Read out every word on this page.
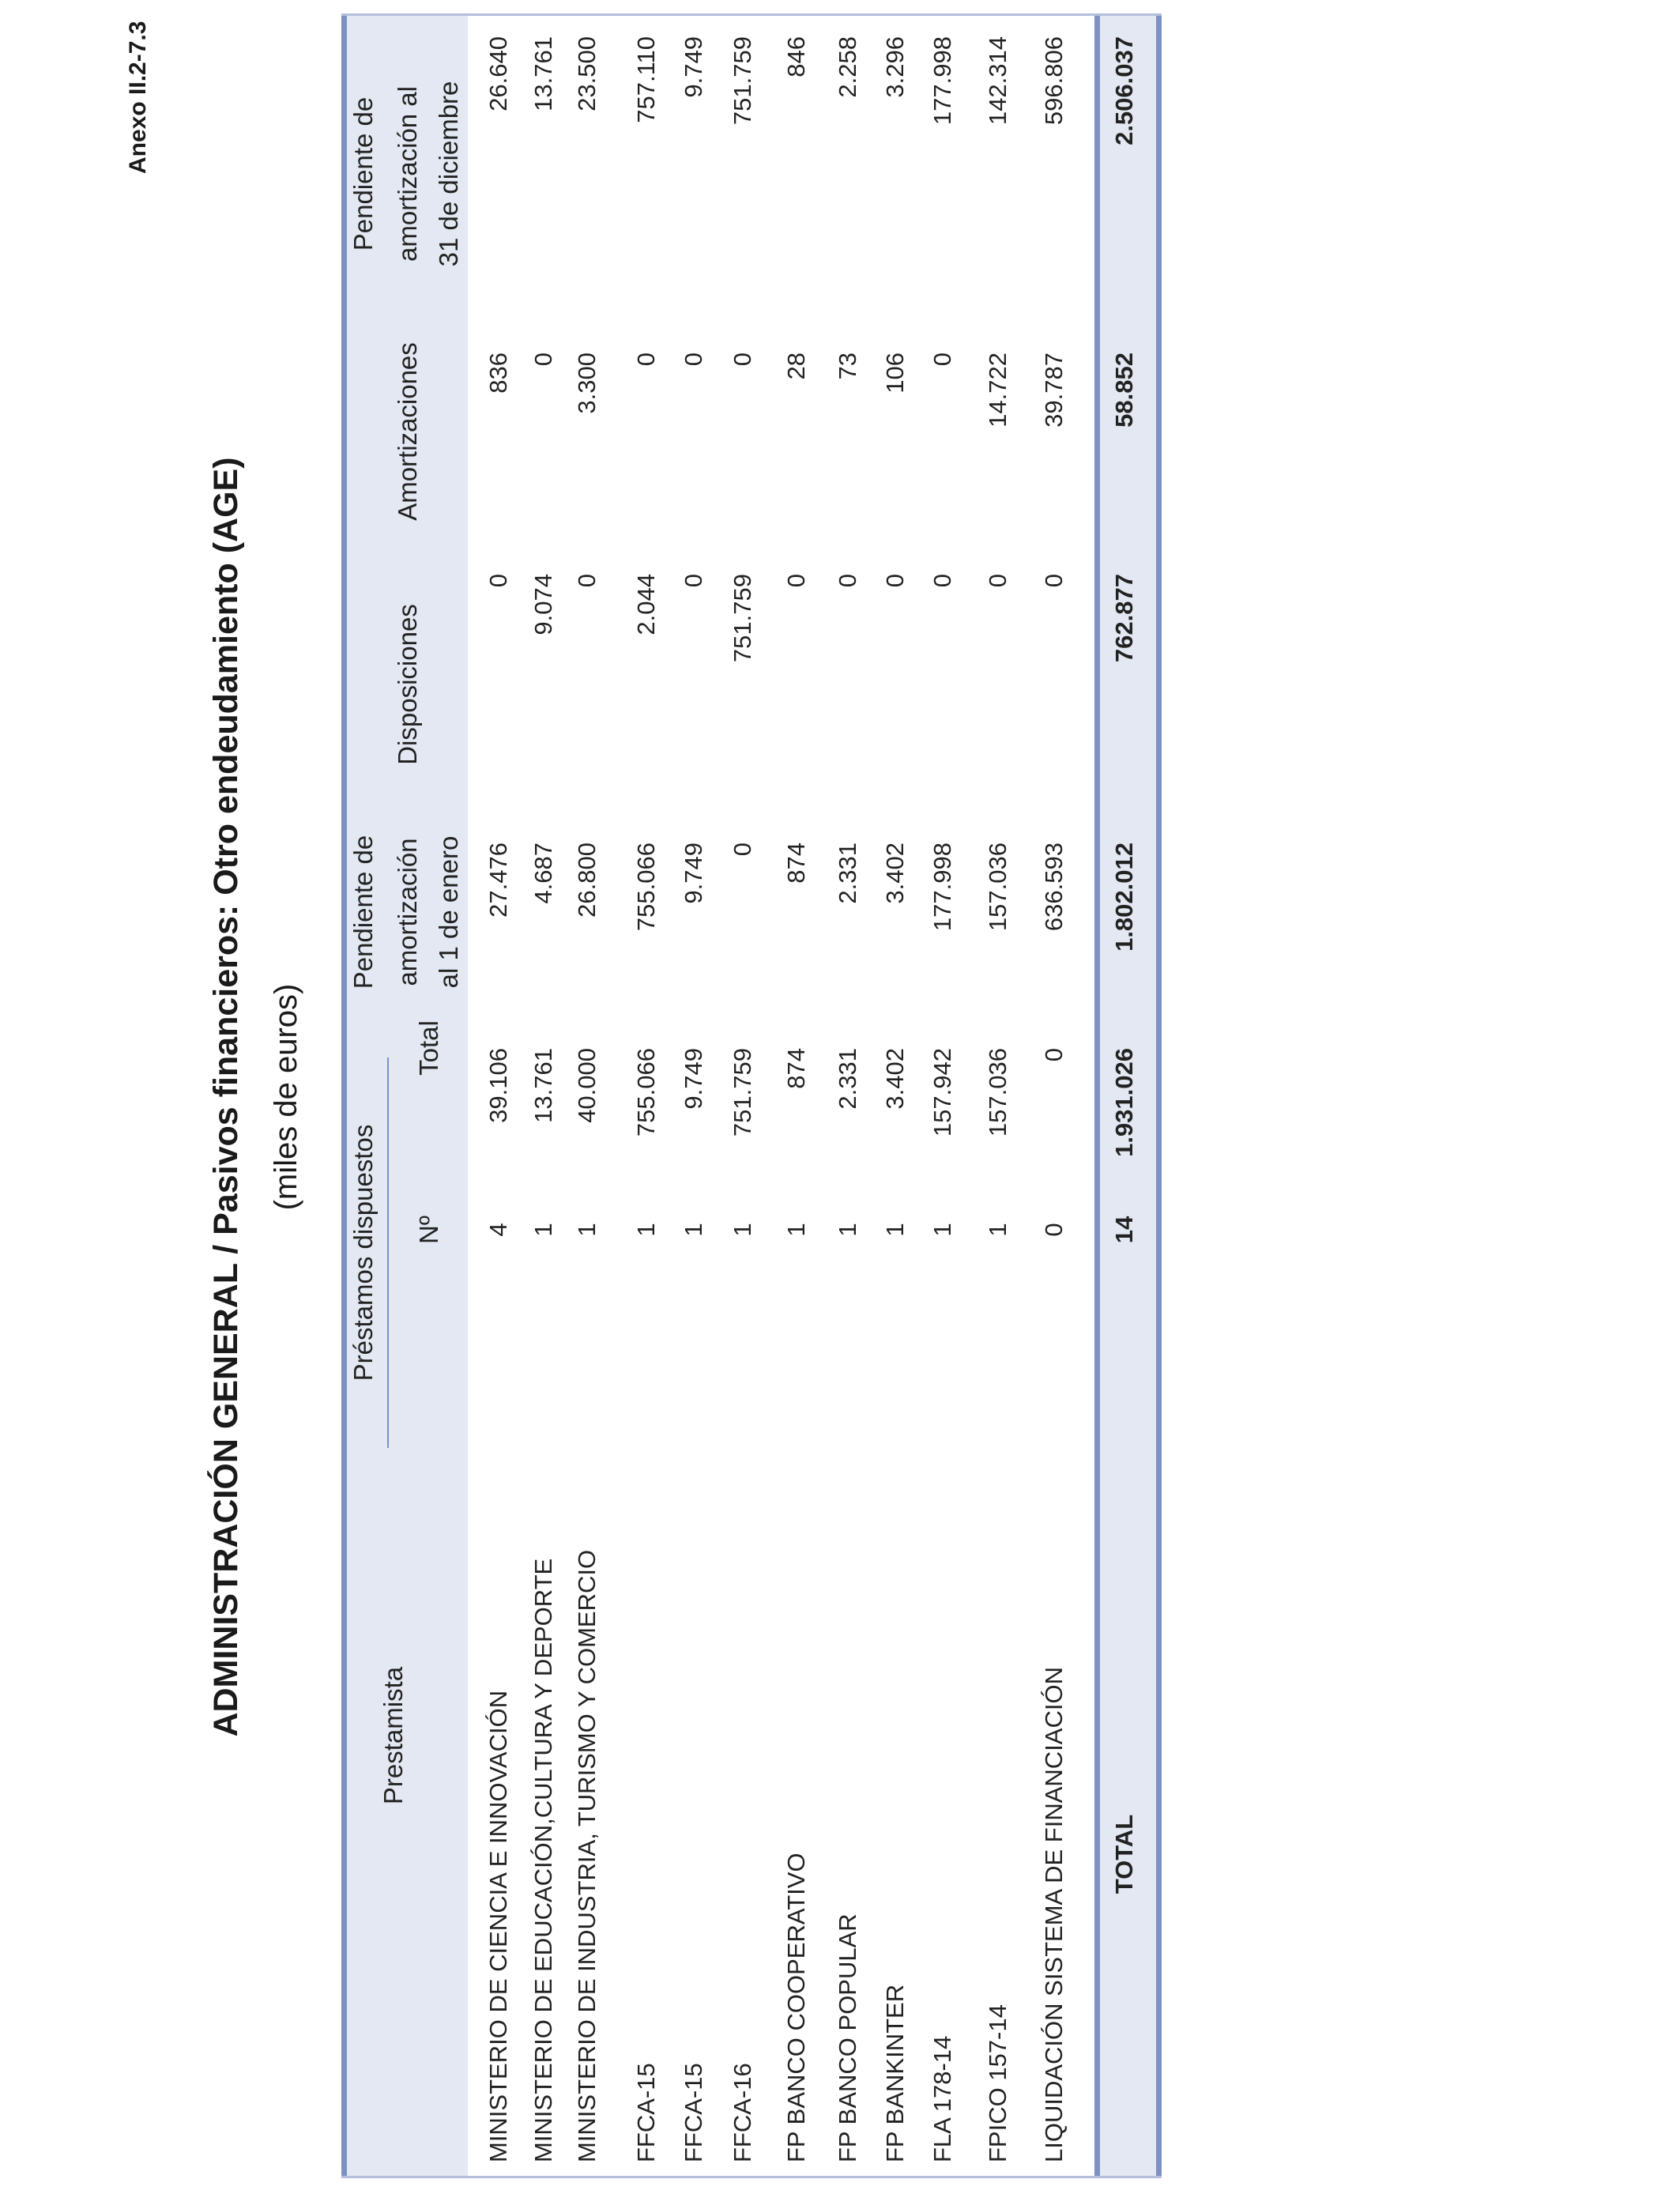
Anexo II.2-7.3
ADMINISTRACIÓN GENERAL / Pasivos financieros: Otro endeudamiento (AGE) (miles de euros)
Prestamista
Préstamos dispuestos	Nº
Total
Pendiente de amortización al 1 de enero
Disposiciones
Amortizaciones
Pendiente de amortización al 31 de diciembre
MINISTERIO DE CIENCIA E INNOVACIÓN
4
39.106
27.476
0
836
26.640
MINISTERIO DE EDUCACIÓN,CULTURA Y DEPORTE
1
13.761
4.687
9.074
0
13.761
MINISTERIO DE INDUSTRIA, TURISMO Y COMERCIO
1
40.000
26.800
0
3.300
23.500
FFCA-15
1
755.066
755.066
2.044
0
757.110
FFCA-15
1
9.749
9.749
0
0
9.749
FFCA-16
1
751.759
0
751.759
0
751.759
FP BANCO COOPERATIVO
1
874
874
0
28
846
FP BANCO POPULAR
1
2.331
2.331
0
73
2.258
FP BANKINTER
1
3.402
3.402
0
106
3.296
FLA 178-14
1
157.942
177.998
0
0
177.998
FPICO 157-14
1
157.036
157.036
0
14.722
142.314
LIQUIDACIÓN SISTEMA DE FINANCIACIÓN
0
0
636.593
0
39.787
596.806
TOTAL
14
1.931.026
1.802.012
762.877
58.852
2.506.037
